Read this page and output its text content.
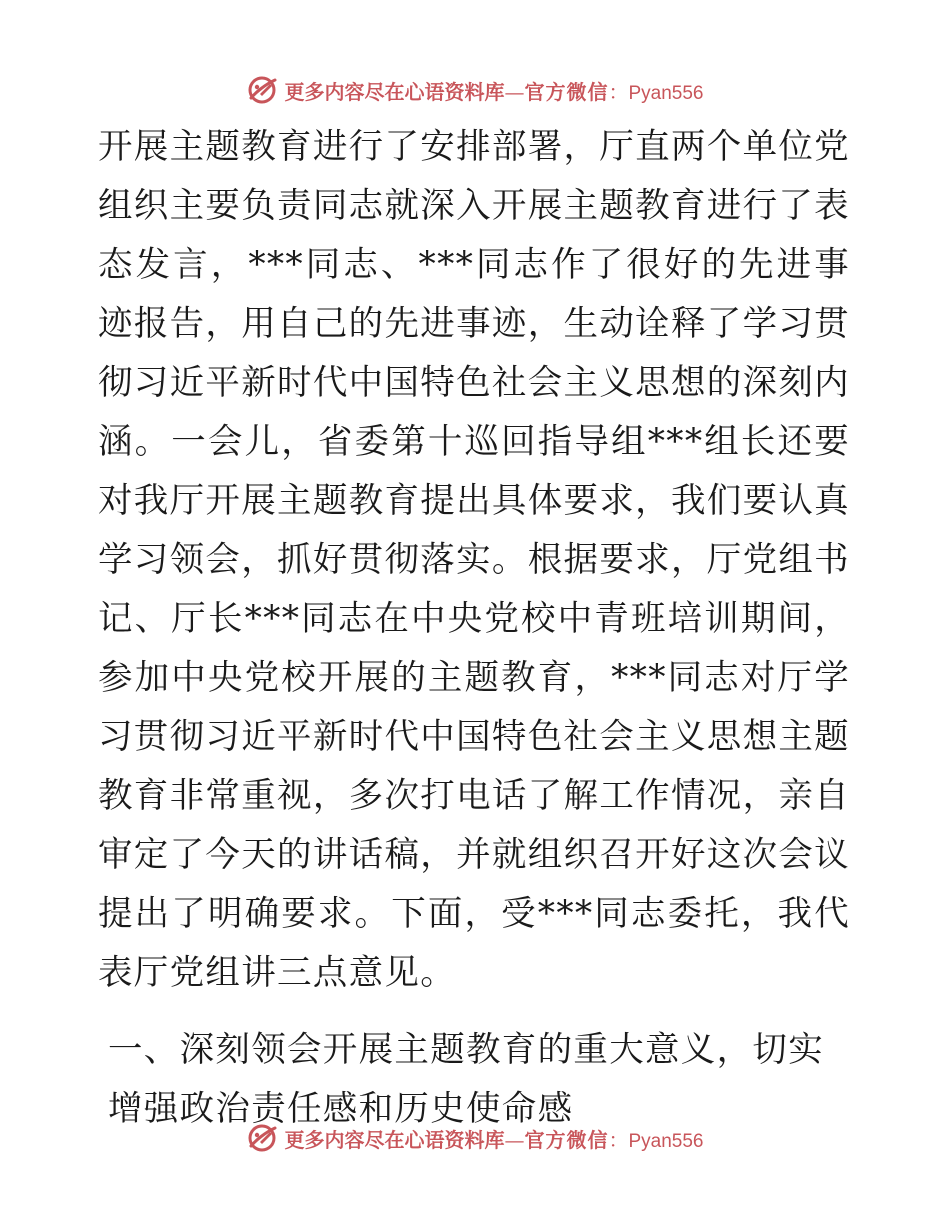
更多内容尽在心语资料库 — 官方微信 ： Pyan556

开展主题教育进行了安排部署，厅直两个单位党组织主要负责同志就深入开展主题教育进行了表态发言，***同志、***同志作了很好的先进事迹报告，用自己的先进事迹，生动诠释了学习贯彻习近平新时代中国特色社会主义思想的深刻内涵。一会儿，省委第十巡回指导组***组长还要对我厅开展主题教育提出具体要求，我们要认真学习领会，抓好贯彻落实。根据要求，厅党组书记、厅长***同志在中央党校中青班培训期间，参加中央党校开展的主题教育，***同志对厅学习贯彻习近平新时代中国特色社会主义思想主题教育非常重视，多次打电话了解工作情况，亲自审定了今天的讲话稿，并就组织召开好这次会议提出了明确要求。下面，受***同志委托，我代表厅党组讲三点意见。

一、深刻领会开展主题教育的重大意义，切实增强政治责任感和历史使命感

更多内容尽在心语资料库 — 官方微信 ： Pyan556
